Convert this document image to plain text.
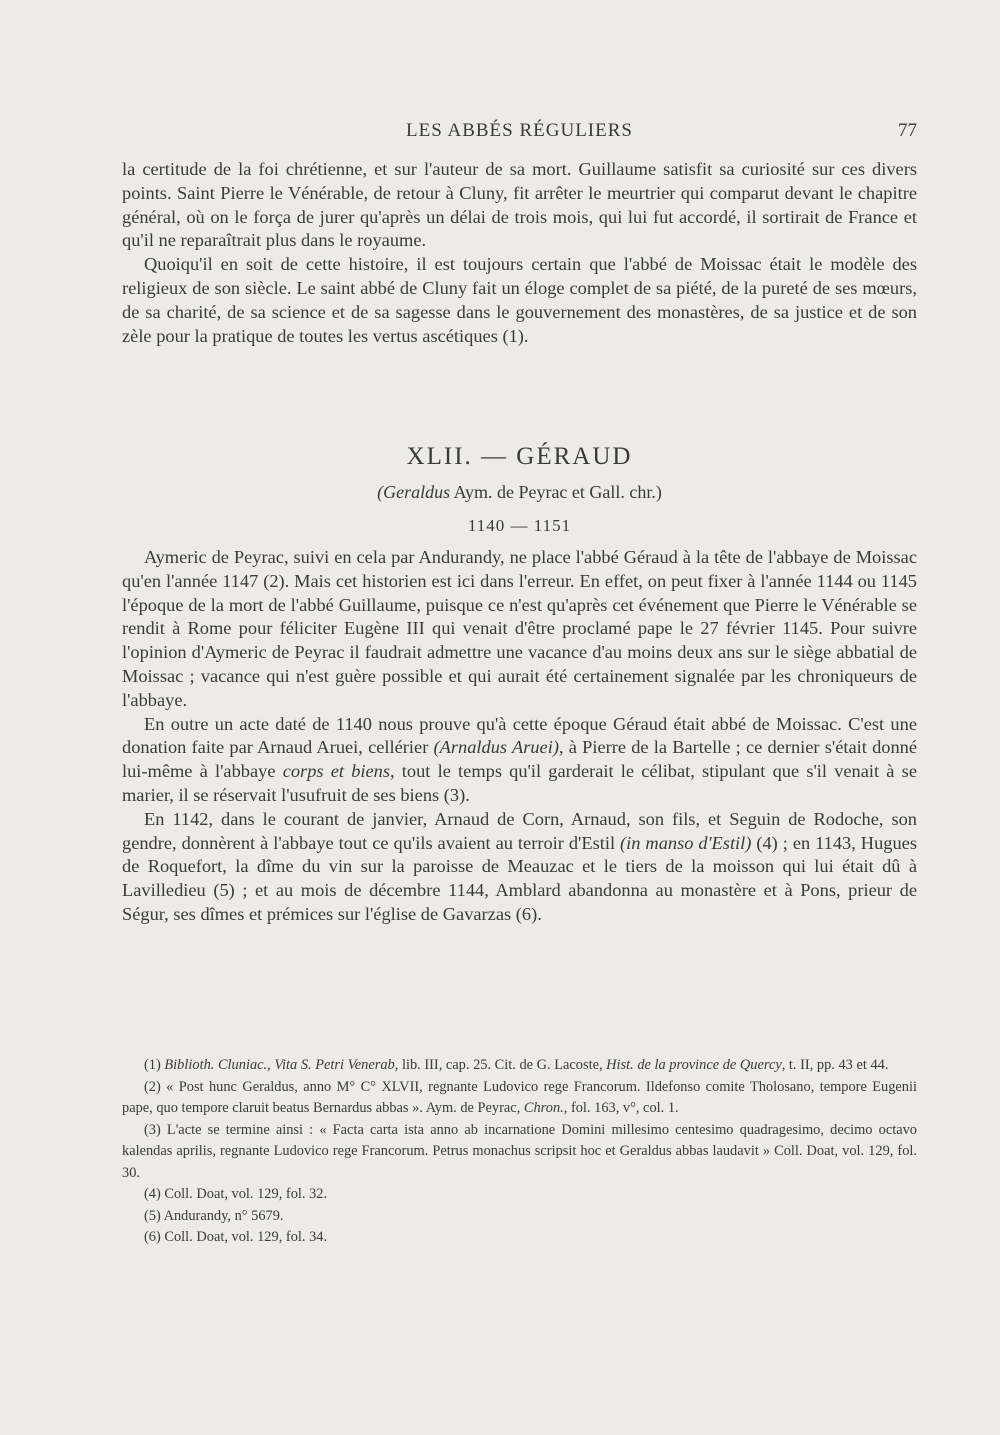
LES ABBÉS RÉGULIERS	77

la certitude de la foi chrétienne, et sur l'auteur de sa mort. Guillaume satisfit sa curiosité sur ces divers points. Saint Pierre le Vénérable, de retour à Cluny, fit arrêter le meurtrier qui comparut devant le chapitre général, où on le força de jurer qu'après un délai de trois mois, qui lui fut accordé, il sortirait de France et qu'il ne reparaîtrait plus dans le royaume.

Quoiqu'il en soit de cette histoire, il est toujours certain que l'abbé de Moissac était le modèle des religieux de son siècle. Le saint abbé de Cluny fait un éloge complet de sa piété, de la pureté de ses mœurs, de sa charité, de sa science et de sa sagesse dans le gouvernement des monastères, de sa justice et de son zèle pour la pratique de toutes les vertus ascétiques (1).

XLII. — GÉRAUD
(Geraldus Aym. de Peyrac et Gall. chr.)
1140 — 1151

Aymeric de Peyrac, suivi en cela par Andurandy, ne place l'abbé Géraud à la tête de l'abbaye de Moissac qu'en l'année 1147 (2). Mais cet historien est ici dans l'erreur. En effet, on peut fixer à l'année 1144 ou 1145 l'époque de la mort de l'abbé Guillaume, puisque ce n'est qu'après cet événement que Pierre le Vénérable se rendit à Rome pour féliciter Eugène III qui venait d'être proclamé pape le 27 février 1145. Pour suivre l'opinion d'Aymeric de Peyrac il faudrait admettre une vacance d'au moins deux ans sur le siège abbatial de Moissac ; vacance qui n'est guère possible et qui aurait été certainement signalée par les chroniqueurs de l'abbaye.

En outre un acte daté de 1140 nous prouve qu'à cette époque Géraud était abbé de Moissac. C'est une donation faite par Arnaud Aruei, cellérier (Arnaldus Aruei), à Pierre de la Bartelle ; ce dernier s'était donné lui-même à l'abbaye corps et biens, tout le temps qu'il garderait le célibat, stipulant que s'il venait à se marier, il se réservait l'usufruit de ses biens (3).

En 1142, dans le courant de janvier, Arnaud de Corn, Arnaud, son fils, et Seguin de Rodoche, son gendre, donnèrent à l'abbaye tout ce qu'ils avaient au terroir d'Estil (in manso d'Estil) (4) ; en 1143, Hugues de Roquefort, la dîme du vin sur la paroisse de Meauzac et le tiers de la moisson qui lui était dû à Lavilledieu (5) ; et au mois de décembre 1144, Amblard abandonna au monastère et à Pons, prieur de Ségur, ses dîmes et prémices sur l'église de Gavarzas (6).

(1) Biblioth. Cluniac., Vita S. Petri Venerab, lib. III, cap. 25. Cit. de G. Lacoste, Hist. de la province de Quercy, t. II, pp. 43 et 44.

(2) « Post hunc Geraldus, anno M° C° XLVII, regnante Ludovico rege Francorum. Ildefonso comite Tholosano, tempore Eugenii pape, quo tempore claruit beatus Bernardus abbas ». Aym. de Peyrac, Chron., fol. 163, v°, col. 1.

(3) L'acte se termine ainsi : « Facta carta ista anno ab incarnatione Domini millesimo centesimo quadragesimo, decimo octavo kalendas aprilis, regnante Ludovico rege Francorum. Petrus monachus scripsit hoc et Geraldus abbas laudavit » Coll. Doat, vol. 129, fol. 30.

(4) Coll. Doat, vol. 129, fol. 32.

(5) Andurandy, n° 5679.

(6) Coll. Doat, vol. 129, fol. 34.
